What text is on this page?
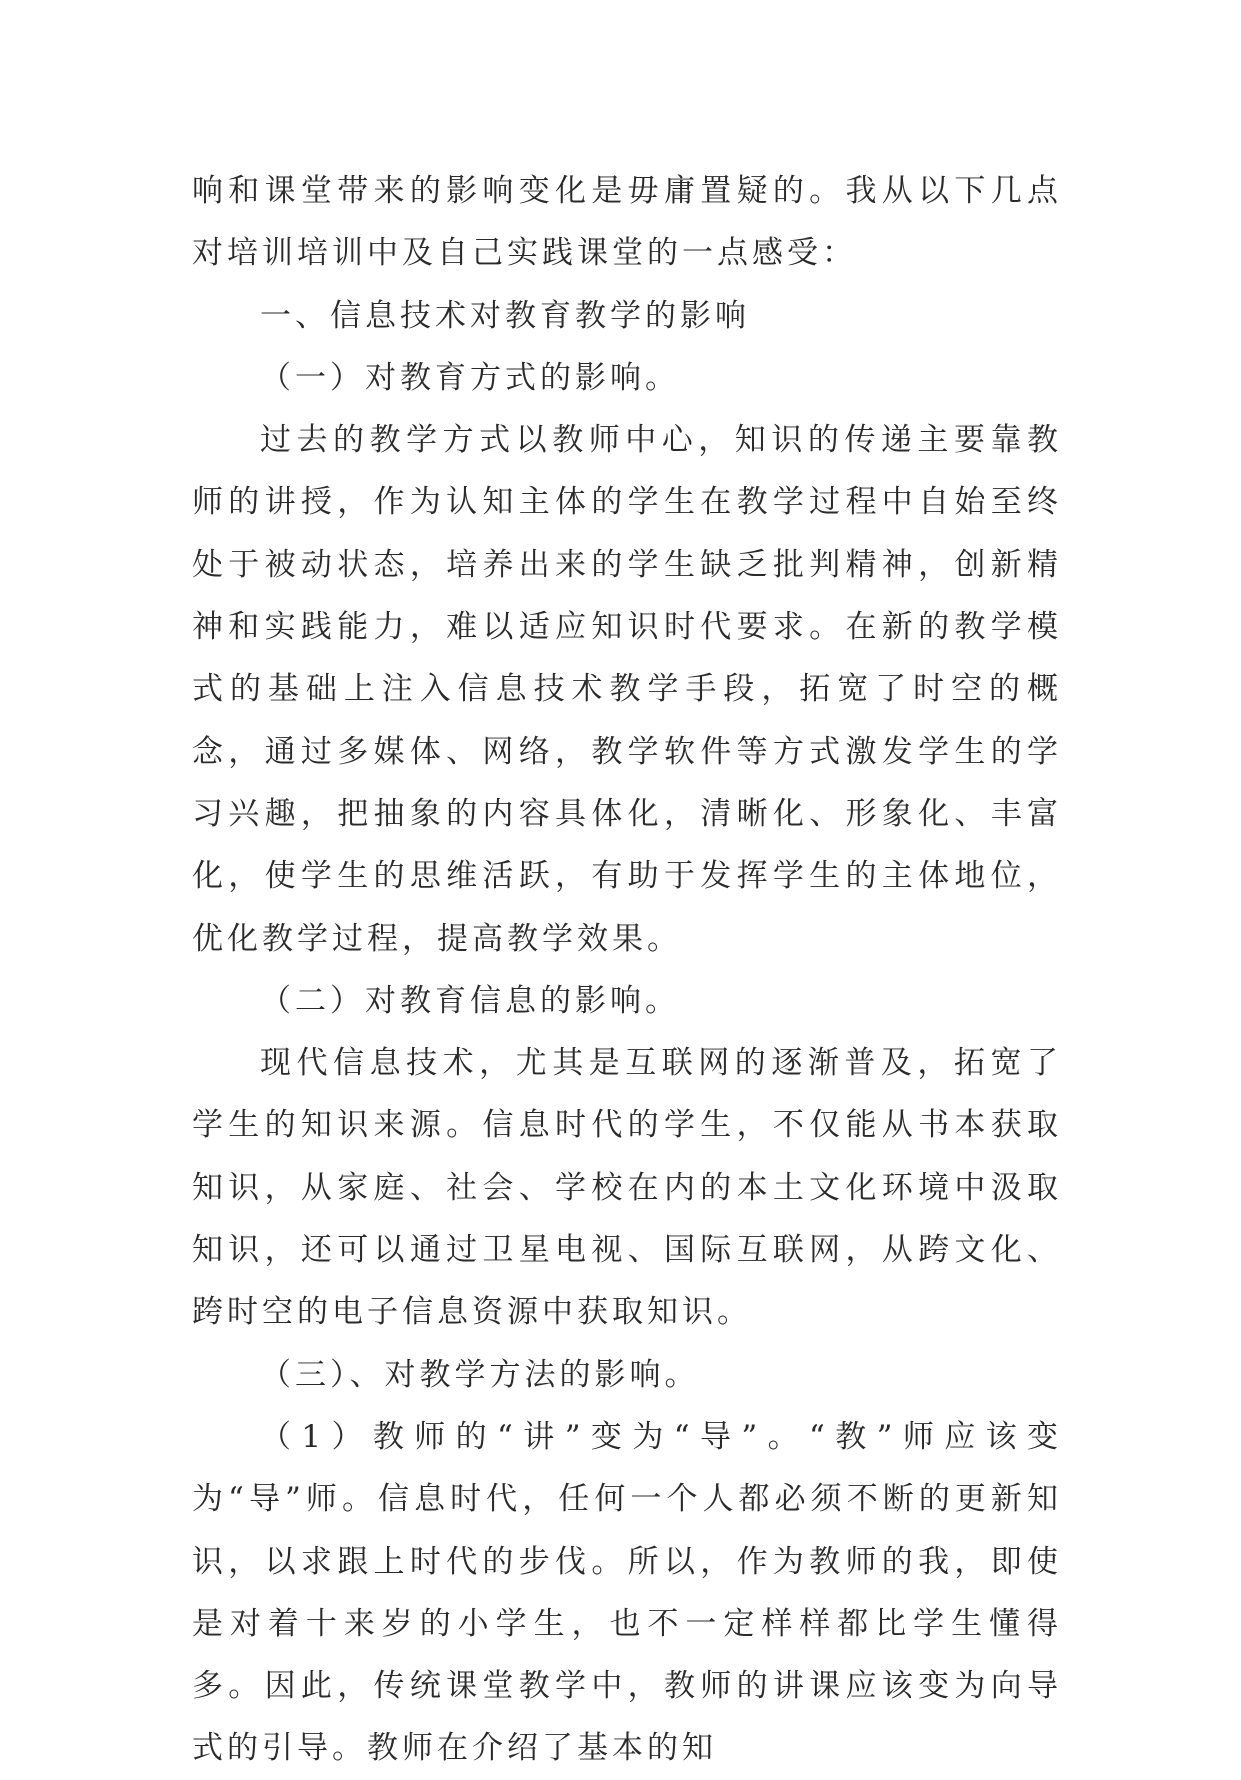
响和课堂带来的影响变化是毋庸置疑的。我从以下几点对培训培训中及自己实践课堂的一点感受：

一、信息技术对教育教学的影响

（一）对教育方式的影响。

过去的教学方式以教师中心，知识的传递主要靠教师的讲授，作为认知主体的学生在教学过程中自始至终处于被动状态，培养出来的学生缺乏批判精神，创新精神和实践能力，难以适应知识时代要求。在新的教学模式的基础上注入信息技术教学手段，拓宽了时空的概念，通过多媒体、网络，教学软件等方式激发学生的学习兴趣，把抽象的内容具体化，清晰化、形象化、丰富化，使学生的思维活跃，有助于发挥学生的主体地位，优化教学过程，提高教学效果。

（二）对教育信息的影响。

现代信息技术，尤其是互联网的逐渐普及，拓宽了学生的知识来源。信息时代的学生，不仅能从书本获取知识，从家庭、社会、学校在内的本土文化环境中汲取知识，还可以通过卫星电视、国际互联网，从跨文化、跨时空的电子信息资源中获取知识。

（三）、对教学方法的影响。

（1）教师的“讲”变为“导”。“教”师应该变为“导”师。信息时代，任何一个人都必须不断的更新知识，以求跟上时代的步伐。所以，作为教师的我，即使是对着十来岁的小学生，也不一定样样都比学生懂得多。因此，传统课堂教学中，教师的讲课应该变为向导式的引导。教师在介绍了基本的知
